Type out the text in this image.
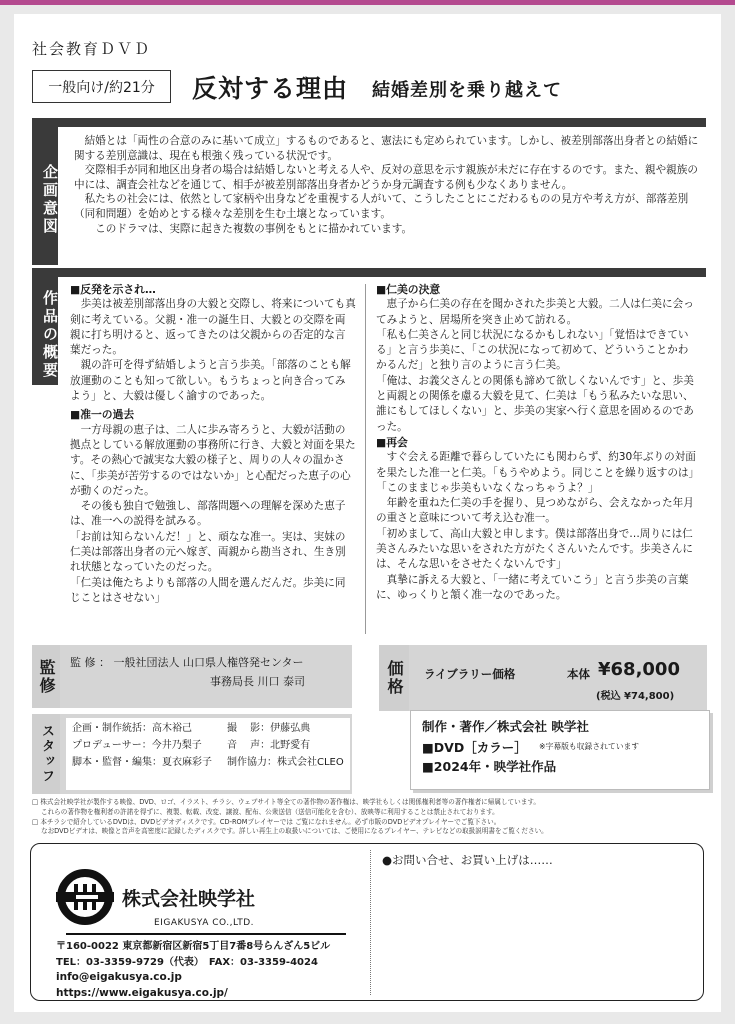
社会教育ＤＶＤ
一般向け/約21分	反対する理由 結婚差別を乗り越えて
企画意図

結婚とは「両性の合意のみに基いて成立」するものであると、憲法にも定められています。しかし、被差別部落出身者との結婚に関する差別意識は、現在も根強く残っている状況です。

交際相手が同和地区出身者の場合は結婚しないと考える人や、反対の意思を示す親族が未だに存在するのです。また、親や親族の中には、調査会社などを通じて、相手が被差別部落出身者かどうか身元調査する例も少なくありません。

私たちの社会には、依然として家柄や出身などを重視する人がいて、こうしたことにこだわるものの見方や考え方が、部落差別（同和問題）を始めとする様々な差別を生む土壌となっています。

このドラマは、実際に起きた複数の事例をもとに描かれています。

作品の概要
■反発を示され…

歩美は被差別部落出身の大毅と交際し、将来についても真剣に考えている。父親・准一の誕生日、大毅との交際を両親に打ち明けると、返ってきたのは父親からの否定的な言葉だった。

親の許可を得ず結婚しようと言う歩美。「部落のことも解放運動のことも知って欲しい。もうちょっと向き合ってみよう」と、大毅は優しく諭すのであった。

■准一の過去

一方母親の恵子は、二人に歩み寄ろうと、大毅が活動の拠点としている解放運動の事務所に行き、大毅と対面を果たす。その熱心で誠実な大毅の様子と、周りの人々の温かさに、「歩美が苦労するのではないか」と心配だった恵子の心が動くのだった。

その後も独自で勉強し、部落問題への理解を深めた恵子は、准一への説得を試みる。

「お前は知らないんだ！」と、頑なな准一。実は、実妹の仁美は部落出身者の元へ嫁ぎ、両親から勘当され、生き別れ状態となっていたのだった。

「仁美は俺たちよりも部落の人間を選んだんだ。歩美に同じことはさせない」

■仁美の決意

恵子から仁美の存在を聞かされた歩美と大毅。二人は仁美に会ってみようと、居場所を突き止めて訪れる。

「私も仁美さんと同じ状況になるかもしれない」「覚悟はできている」と言う歩美に、「この状況になって初めて、どういうことかわかるんだ」と独り言のように言う仁美。

「俺は、お義父さんとの関係も諦めて欲しくないんです」と、歩美と両親との関係を慮る大毅を見て、仁美は「もう私みたいな思い、誰にもしてほしくない」と、歩美の実家へ行く意思を固めるのであった。

■再会

すぐ会える距離で暮らしていたにも関わらず、約30年ぶりの対面を果たした准一と仁美。「もうやめよう。同じことを繰り返すのは」「このままじゃ歩美もいなくなっちゃうよ？」

年齢を重ねた仁美の手を握り、見つめながら、会えなかった年月の重さと意味について考え込む准一。

「初めまして、高山大毅と申します。僕は部落出身で…周りには仁美さんみたいな思いをされた方がたくさんいたんです。歩美さんには、そんな思いをさせたくないんです」

真摯に訴える大毅と、「一緒に考えていこう」と言う歩美の言葉に、ゆっくりと頷く准一なのであった。

監修	監 修 ： 一般社団法人 山口県人権啓発センター
事務局長 川口 泰司
スタッフ	企画・制作統括：高木裕己	撮　 影：伊藤弘典
プロデューサー：今井乃梨子	音　 声：北野愛有
脚本・監督・編集：夏衣麻彩子	制作協力：株式会社CLEO
価格	ライブラリー価格	本体 ¥68,000
(税込 ¥74,800)
制作・著作／株式会社 映学社
■DVD［カラー］ ※字幕版も収録されています
■2024年・映学社作品
□ 株式会社映学社が製作する映像、DVD、ロゴ、イラスト、チラシ、ウェブサイト等全ての著作物の著作権は、映学社もしくは関係権利者等の著作権者に帰属しています。
これらの著作物を権利者の許諾を得ずに、複製、転載、改変、譲渡、配布、公衆送信（送信可能化を含む）、放映等に利用することは禁止されております。
□ 本チラシで紹介しているDVDは、DVDビデオディスクです。CD-ROMプレイヤーでは ご覧になれません。必ず市販のDVDビデオプレイヤーでご覧下さい。
なおDVDビデオは、映像と音声を高密度に記録したディスクです。詳しい再生上の取扱いについては、ご使用になるプレイヤー、テレビなどの取扱説明書をご覧ください。
株式会社映学社
EIGAKUSYA CO.,LTD.
〒160-0022 東京都新宿区新宿5丁目7番8号らんざん5ビル
TEL：03-3359-9729（代表）　FAX：03-3359-4024
info@eigakusya.co.jp
https://www.eigakusya.co.jp/
●お問い合せ、お買い上げは……
